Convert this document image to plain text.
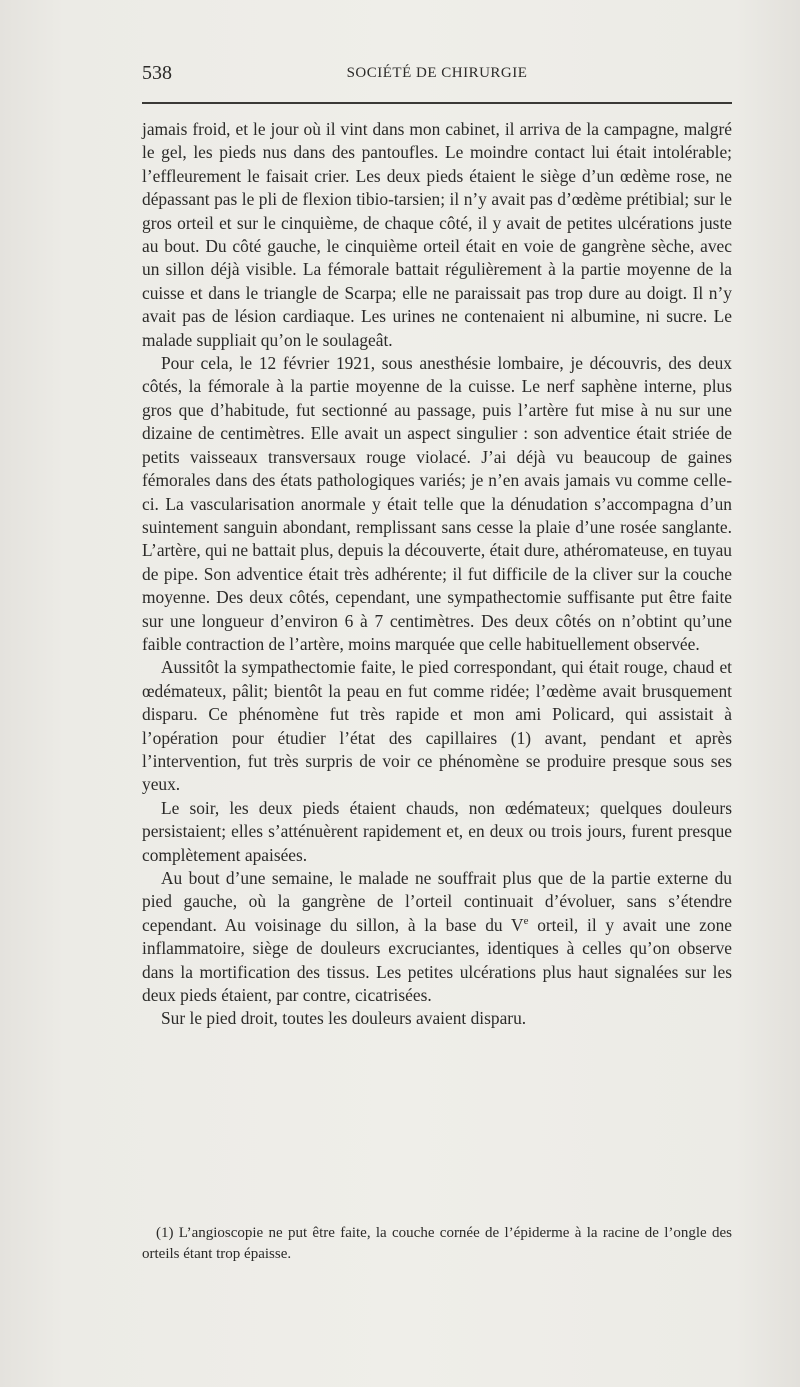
538	SOCIÉTÉ DE CHIRURGIE

jamais froid, et le jour où il vint dans mon cabinet, il arriva de la campagne, malgré le gel, les pieds nus dans des pantoufles. Le moindre contact lui était intolérable; l’effleurement le faisait crier. Les deux pieds étaient le siège d’un œdème rose, ne dépassant pas le pli de flexion tibio-tarsien; il n’y avait pas d’œdème prétibial; sur le gros orteil et sur le cinquième, de chaque côté, il y avait de petites ulcérations juste au bout. Du côté gauche, le cinquième orteil était en voie de gangrène sèche, avec un sillon déjà visible. La fémorale battait régulièrement à la partie moyenne de la cuisse et dans le triangle de Scarpa; elle ne paraissait pas trop dure au doigt. Il n’y avait pas de lésion cardiaque. Les urines ne contenaient ni albumine, ni sucre. Le malade suppliait qu’on le soulageât.

Pour cela, le 12 février 1921, sous anesthésie lombaire, je découvris, des deux côtés, la fémorale à la partie moyenne de la cuisse. Le nerf saphène interne, plus gros que d’habitude, fut sectionné au passage, puis l’artère fut mise à nu sur une dizaine de centimètres. Elle avait un aspect singulier : son adventice était striée de petits vaisseaux transversaux rouge violacé. J’ai déjà vu beaucoup de gaines fémorales dans des états pathologiques variés; je n’en avais jamais vu comme celle-ci. La vascularisation anormale y était telle que la dénudation s’accompagna d’un suintement sanguin abondant, remplissant sans cesse la plaie d’une rosée sanglante. L’artère, qui ne battait plus, depuis la découverte, était dure, athéromateuse, en tuyau de pipe. Son adventice était très adhérente; il fut difficile de la cliver sur la couche moyenne. Des deux côtés, cependant, une sympathectomie suffisante put être faite sur une longueur d’environ 6 à 7 centimètres. Des deux côtés on n’obtint qu’une faible contraction de l’artère, moins marquée que celle habituellement observée.

Aussitôt la sympathectomie faite, le pied correspondant, qui était rouge, chaud et œdémateux, pâlit; bientôt la peau en fut comme ridée; l’œdème avait brusquement disparu. Ce phénomène fut très rapide et mon ami Policard, qui assistait à l’opération pour étudier l’état des capillaires (1) avant, pendant et après l’intervention, fut très surpris de voir ce phénomène se produire presque sous ses yeux.

Le soir, les deux pieds étaient chauds, non œdémateux; quelques douleurs persistaient; elles s’atténuèrent rapidement et, en deux ou trois jours, furent presque complètement apaisées.

Au bout d’une semaine, le malade ne souffrait plus que de la partie externe du pied gauche, où la gangrène de l’orteil continuait d’évoluer, sans s’étendre cependant. Au voisinage du sillon, à la base du Ve orteil, il y avait une zone inflammatoire, siège de douleurs excruciantes, identiques à celles qu’on observe dans la mortification des tissus. Les petites ulcérations plus haut signalées sur les deux pieds étaient, par contre, cicatrisées.

Sur le pied droit, toutes les douleurs avaient disparu.

(1) L’angioscopie ne put être faite, la couche cornée de l’épiderme à la racine de l’ongle des orteils étant trop épaisse.
